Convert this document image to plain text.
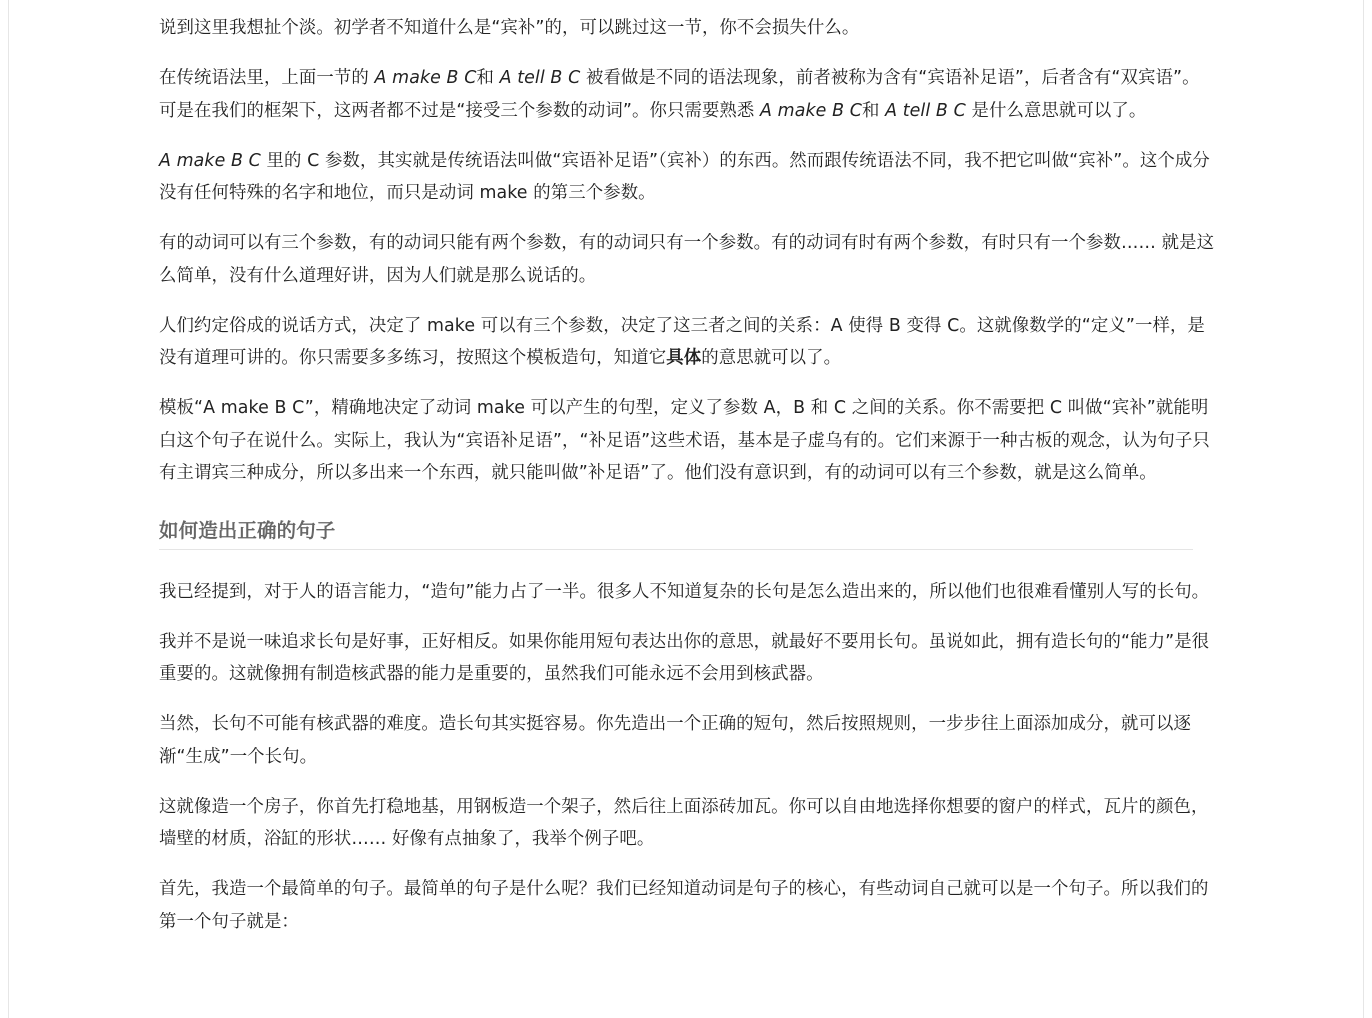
说到这里我想扯个淡。初学者不知道什么是“宾补”的，可以跳过这一节，你不会损失什么。

在传统语法里，上面一节的 A make B C和 A tell B C 被看做是不同的语法现象，前者被称为含有“宾语补足语”，后者含有“双宾语”。可是在我们的框架下，这两者都不过是“接受三个参数的动词”。你只需要熟悉 A make B C和 A tell B C 是什么意思就可以了。

A make B C 里的 C 参数，其实就是传统语法叫做“宾语补足语”（宾补）的东西。然而跟传统语法不同，我不把它叫做“宾补”。这个成分没有任何特殊的名字和地位，而只是动词 make 的第三个参数。

有的动词可以有三个参数，有的动词只能有两个参数，有的动词只有一个参数。有的动词有时有两个参数，有时只有一个参数…… 就是这么简单，没有什么道理好讲，因为人们就是那么说话的。

人们约定俗成的说话方式，决定了 make 可以有三个参数，决定了这三者之间的关系：A 使得 B 变得 C。这就像数学的“定义”一样，是没有道理可讲的。你只需要多多练习，按照这个模板造句，知道它具体的意思就可以了。

模板“A make B C”，精确地决定了动词 make 可以产生的句型，定义了参数 A，B 和 C 之间的关系。你不需要把 C 叫做“宾补”就能明白这个句子在说什么。实际上，我认为“宾语补足语”，“补足语”这些术语，基本是子虚乌有的。它们来源于一种古板的观念，认为句子只有主谓宾三种成分，所以多出来一个东西，就只能叫做”补足语”了。他们没有意识到，有的动词可以有三个参数，就是这么简单。

如何造出正确的句子

我已经提到，对于人的语言能力，“造句”能力占了一半。很多人不知道复杂的长句是怎么造出来的，所以他们也很难看懂别人写的长句。

我并不是说一味追求长句是好事，正好相反。如果你能用短句表达出你的意思，就最好不要用长句。虽说如此，拥有造长句的“能力”是很重要的。这就像拥有制造核武器的能力是重要的，虽然我们可能永远不会用到核武器。

当然，长句不可能有核武器的难度。造长句其实挺容易。你先造出一个正确的短句，然后按照规则，一步步往上面添加成分，就可以逐渐“生成”一个长句。

这就像造一个房子，你首先打稳地基，用钢板造一个架子，然后往上面添砖加瓦。你可以自由地选择你想要的窗户的样式，瓦片的颜色，墙壁的材质，浴缸的形状…… 好像有点抽象了，我举个例子吧。

首先，我造一个最简单的句子。最简单的句子是什么呢？我们已经知道动词是句子的核心，有些动词自己就可以是一个句子。所以我们的第一个句子就是：
